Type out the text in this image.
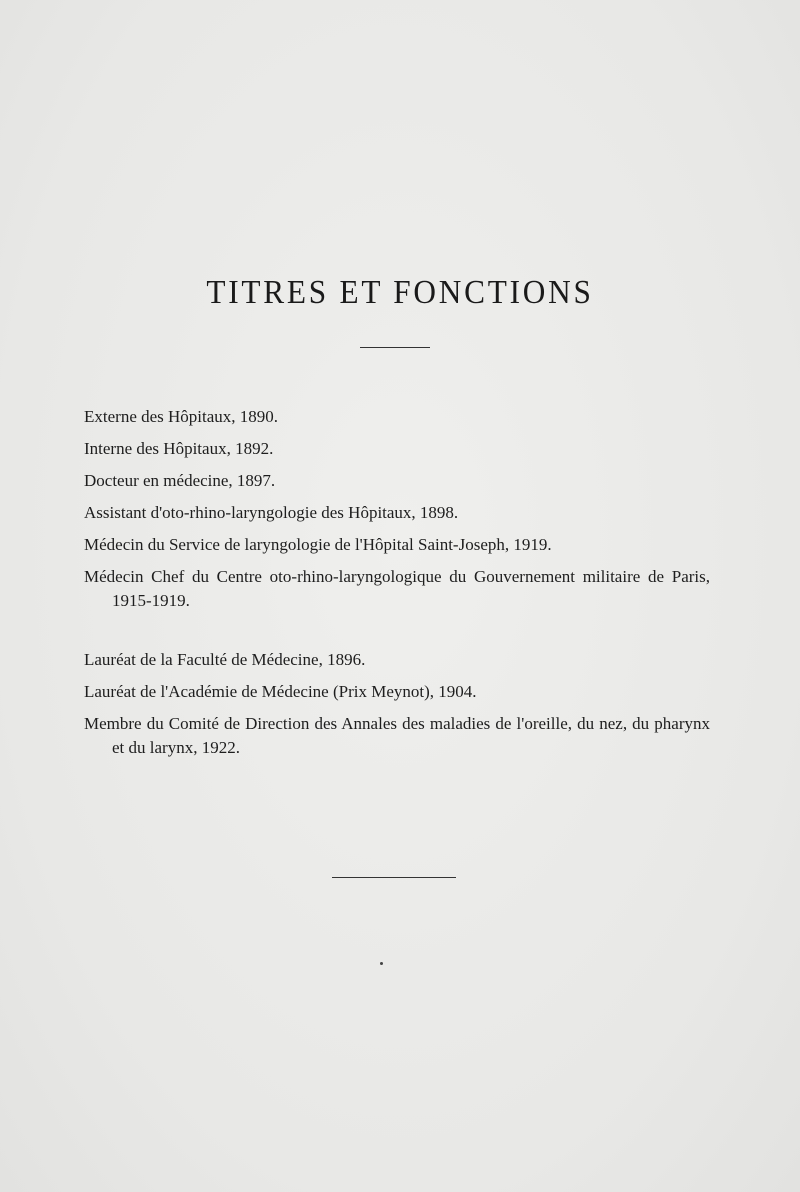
TITRES ET FONCTIONS
Externe des Hôpitaux, 1890.
Interne des Hôpitaux, 1892.
Docteur en médecine, 1897.
Assistant d'oto-rhino-laryngologie des Hôpitaux, 1898.
Médecin du Service de laryngologie de l'Hôpital Saint-Joseph, 1919.
Médecin Chef du Centre oto-rhino-laryngologique du Gouvernement militaire de Paris, 1915-1919.
Lauréat de la Faculté de Médecine, 1896.
Lauréat de l'Académie de Médecine (Prix Meynot), 1904.
Membre du Comité de Direction des Annales des maladies de l'oreille, du nez, du pharynx et du larynx, 1922.
